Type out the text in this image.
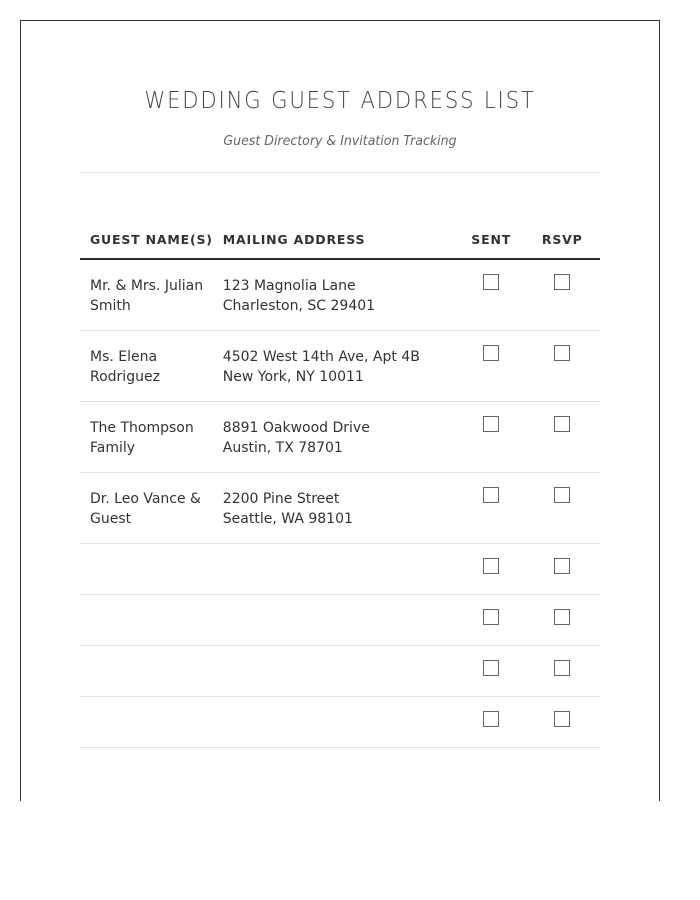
WEDDING GUEST ADDRESS LIST
Guest Directory & Invitation Tracking
GUEST NAME(S)	MAILING ADDRESS	SENT	RSVP

Mr. & Mrs. Julian
Smith	123 Magnolia Lane
Charleston, SC 29401		

Ms. Elena
Rodriguez	4502 West 14th Ave, Apt 4B
New York, NY 10011		

The Thompson
Family	8891 Oakwood Drive
Austin, TX 78701		

Dr. Leo Vance &
Guest	2200 Pine Street
Seattle, WA 98101		
